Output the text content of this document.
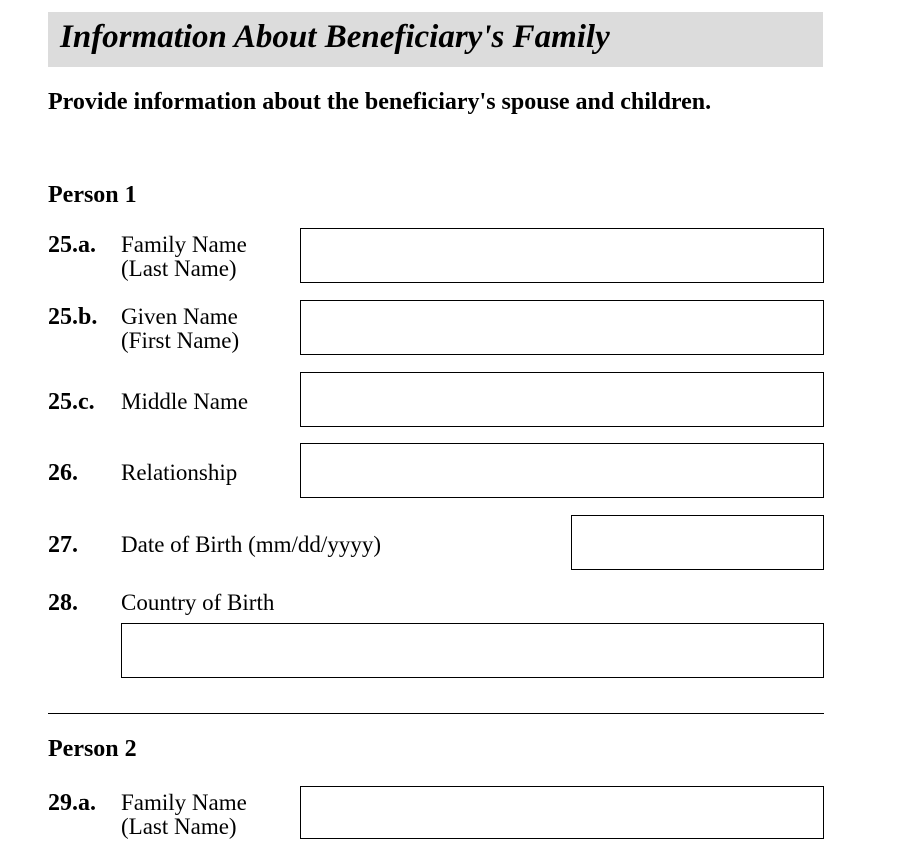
Information About Beneficiary's Family
Provide information about the beneficiary's spouse and children.
Person 1
25.a. Family Name
(Last Name)
25.b. Given Name
(First Name)
25.c. Middle Name
26. Relationship
27. Date of Birth (mm/dd/yyyy)
28. Country of Birth
Person 2
29.a. Family Name
(Last Name)
